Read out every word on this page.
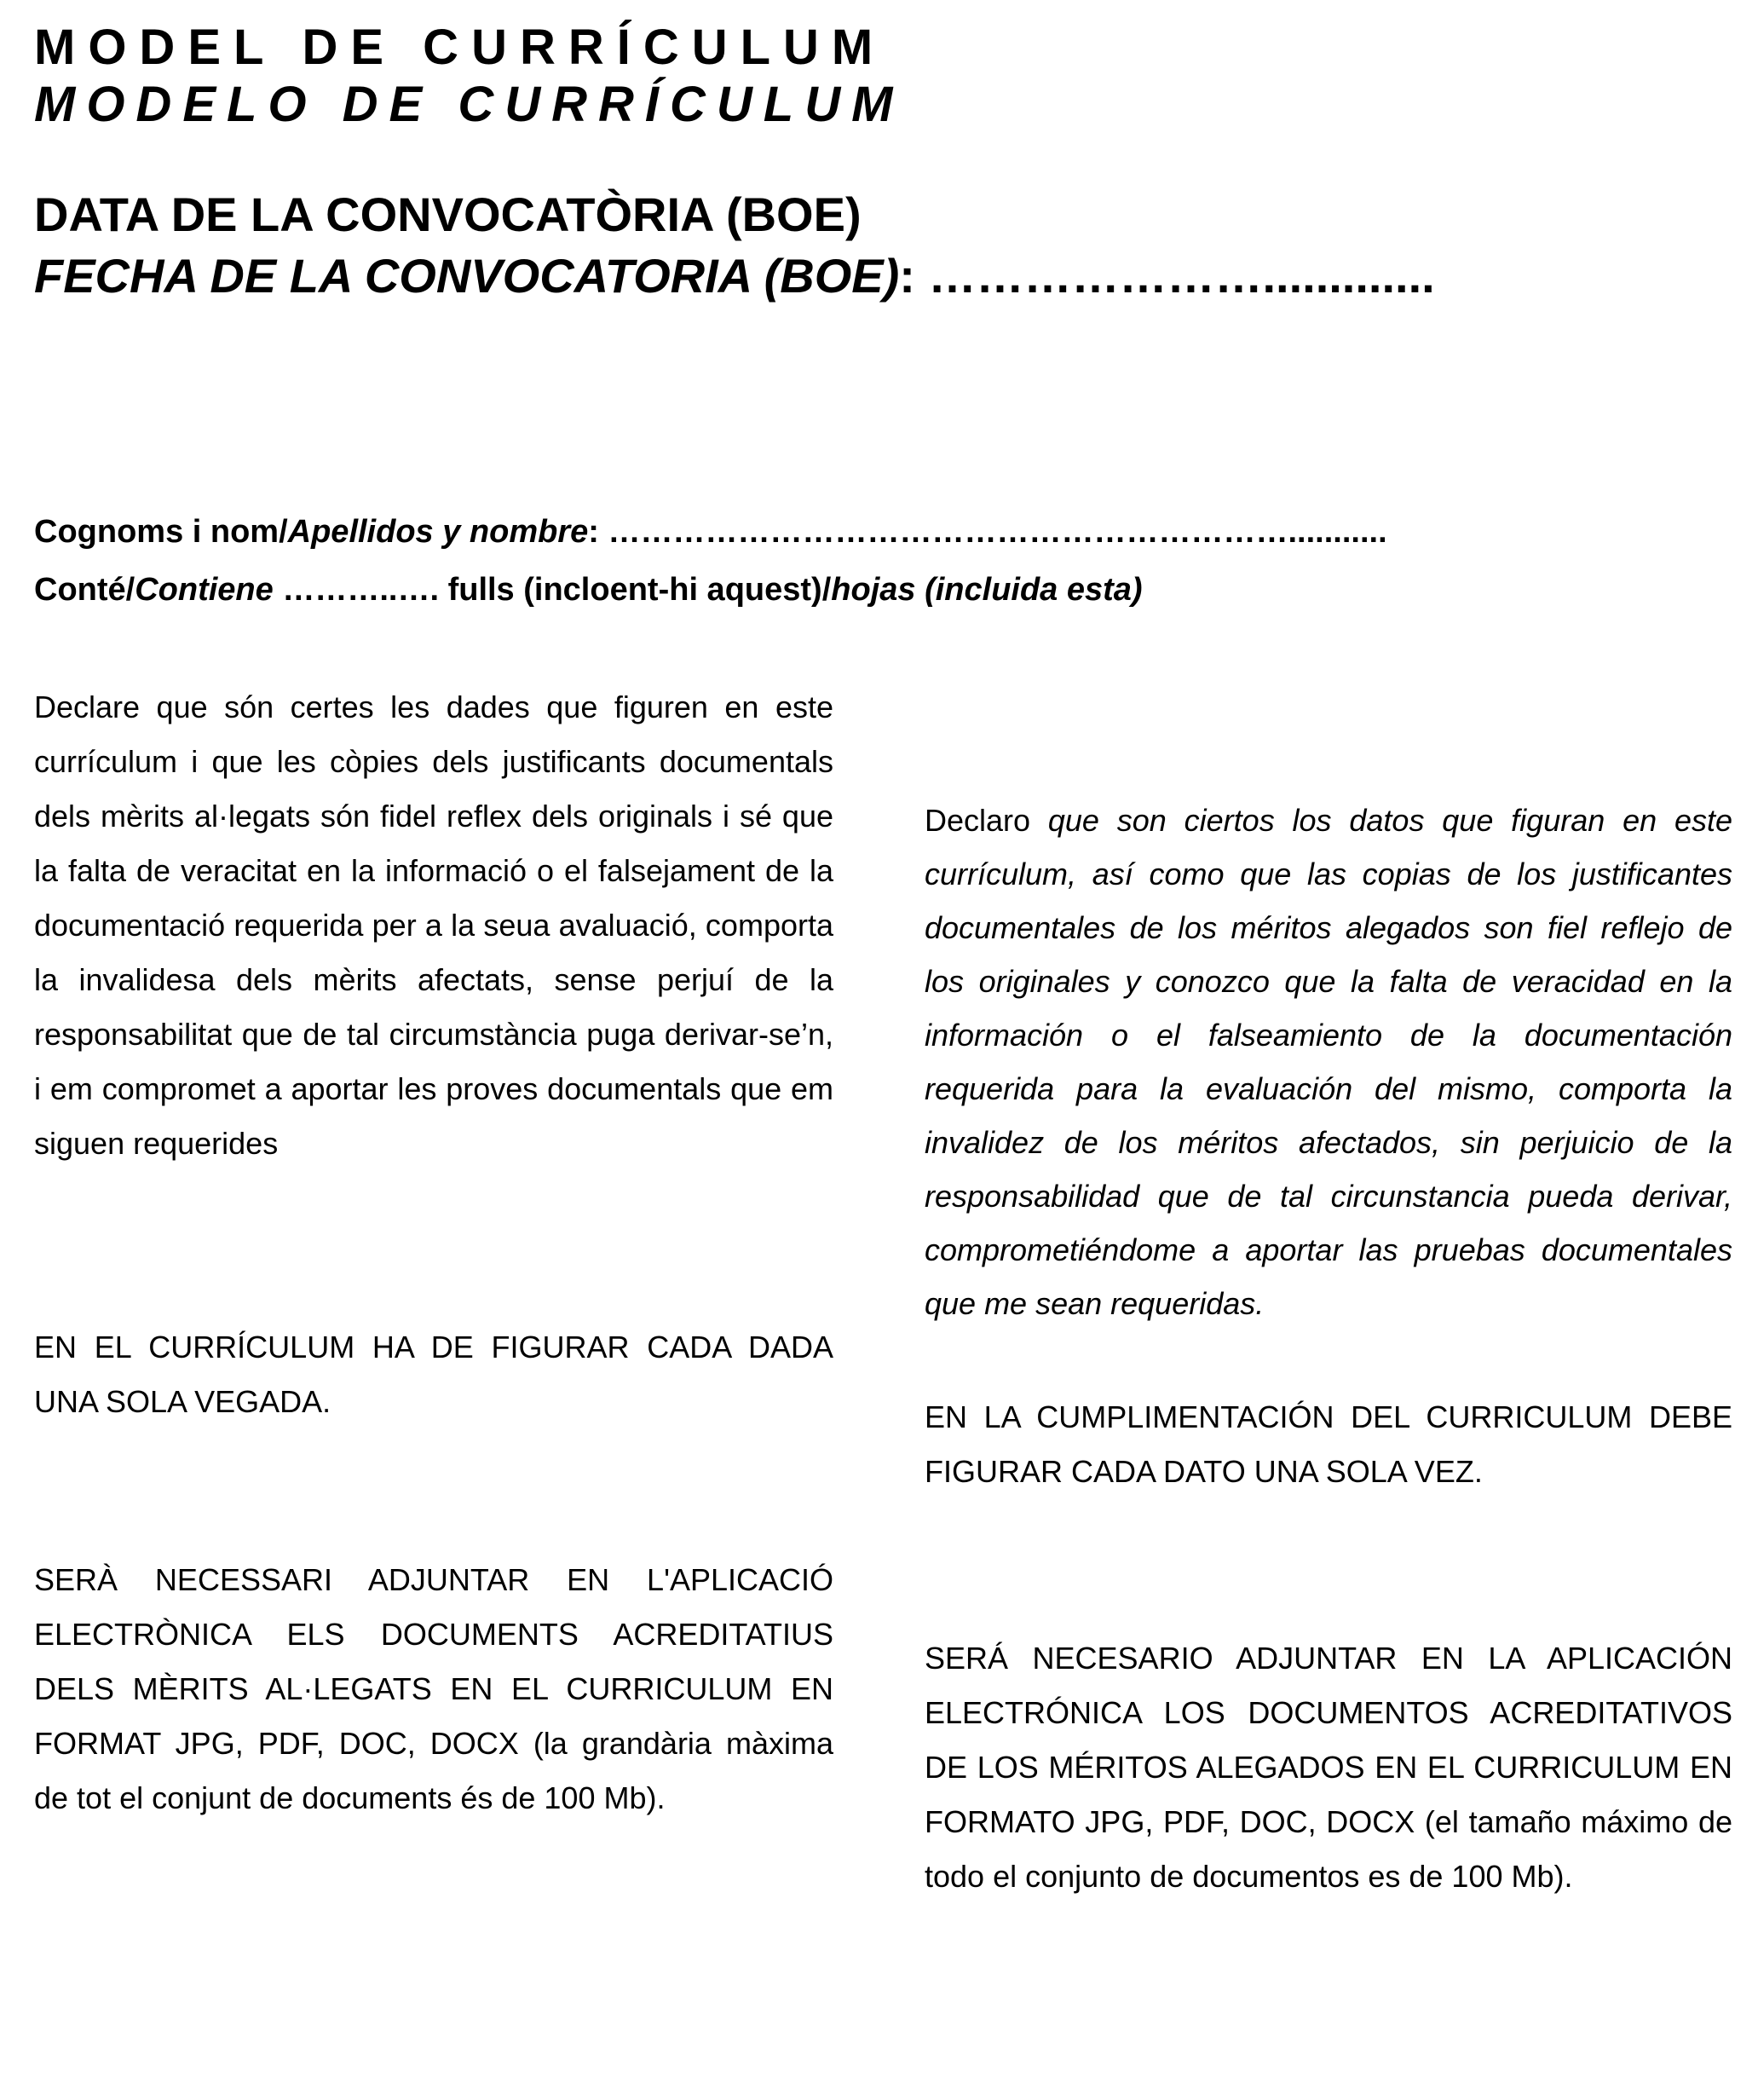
MODEL DE CURRÍCULUM
MODELO DE CURRÍCULUM
DATA DE LA CONVOCATÒRIA (BOE)
FECHA DE LA CONVOCATORIA (BOE): ………………….............
Cognoms i nom/Apellidos y nombre: ………………………………………………………...........
Conté/Contiene ………..…. fulls (incloent-hi aquest)/hojas (incluida esta)

Declare que són certes les dades que figuren en este currículum i que les còpies dels justificants documentals dels mèrits al·legats són fidel reflex dels originals i sé que la falta de veracitat en la informació o el falsejament de la documentació requerida per a la seua avaluació, comporta la invalidesa dels mèrits afectats, sense perjuí de la responsabilitat que de tal circumstància puga derivar-se’n, i em compromet a aportar les proves documentals que em siguen requerides

EN EL CURRÍCULUM HA DE FIGURAR CADA DADA UNA SOLA VEGADA.

SERÀ NECESSARI ADJUNTAR EN L'APLICACIÓ ELECTRÒNICA ELS DOCUMENTS ACREDITATIUS DELS MÈRITS AL·LEGATS EN EL CURRICULUM EN FORMAT JPG, PDF, DOC, DOCX (la grandària màxima de tot el conjunt de documents és de 100 Mb).

Declaro que son ciertos los datos que figuran en este currículum, así como que las copias de los justificantes documentales de los méritos alegados son fiel reflejo de los originales y conozco que la falta de veracidad en la información o el falseamiento de la documentación requerida para la evaluación del mismo, comporta la invalidez de los méritos afectados, sin perjuicio de la responsabilidad que de tal circunstancia pueda derivar, comprometiéndome a aportar las pruebas documentales que me sean requeridas.

EN LA CUMPLIMENTACIÓN DEL CURRICULUM DEBE FIGURAR CADA DATO UNA SOLA VEZ.

SERÁ NECESARIO ADJUNTAR EN LA APLICACIÓN ELECTRÓNICA LOS DOCUMENTOS ACREDITATIVOS DE LOS MÉRITOS ALEGADOS EN EL CURRICULUM EN FORMATO JPG, PDF, DOC, DOCX (el tamaño máximo de todo el conjunto de documentos es de 100 Mb).
